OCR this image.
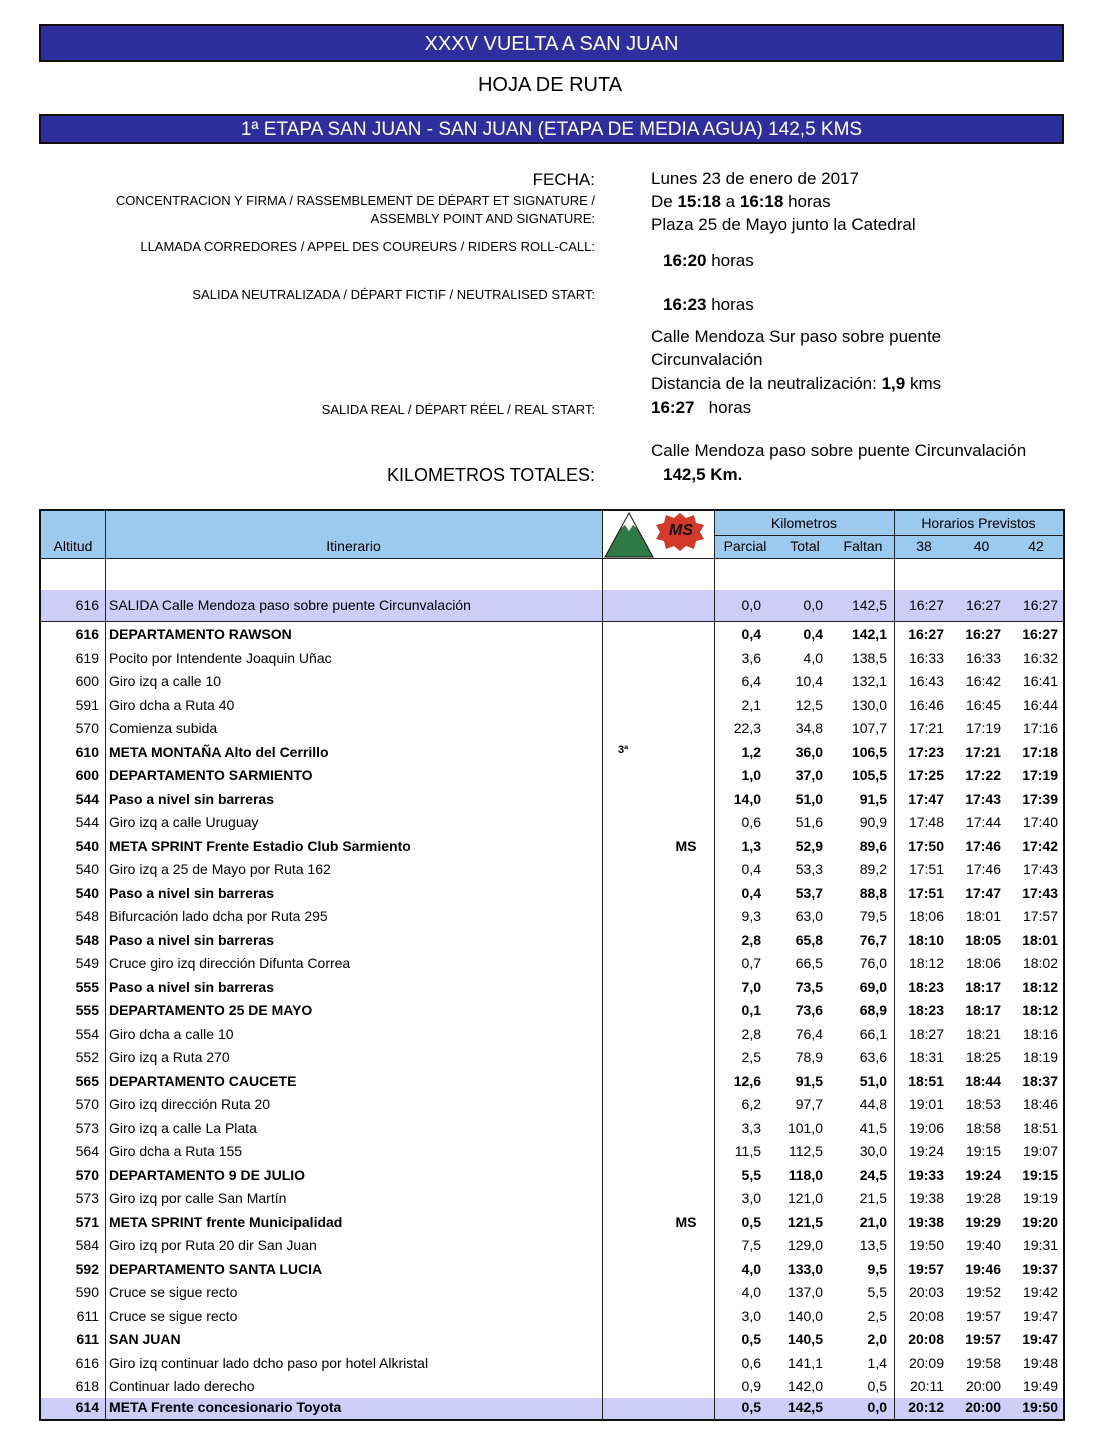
XXXV VUELTA A SAN JUAN
HOJA DE RUTA
1ª ETAPA SAN JUAN - SAN JUAN (ETAPA DE MEDIA AGUA) 142,5 KMS
FECHA:	Lunes 23 de enero de 2017
CONCENTRACION Y FIRMA / RASSEMBLEMENT DE DÉPART ET SIGNATURE /
ASSEMBLY POINT AND SIGNATURE:
De 15:18 a 16:18 horas
Plaza 25 de Mayo junto la Catedral
LLAMADA CORREDORES / APPEL DES COUREURS / RIDERS ROLL-CALL:
16:20 horas
SALIDA NEUTRALIZADA / DÉPART FICTIF / NEUTRALISED START:
16:23 horas
Calle Mendoza Sur paso sobre puente
Circunvalación
Distancia de la neutralización: 1,9 kms
SALIDA REAL / DÉPART RÉEL / REAL START:	16:27 horas
Calle Mendoza paso sobre puente Circunvalación
KILOMETROS TOTALES:	142,5 Km.
MS
Altitud	Itinerario
Kilometros
Parcial	Total	Faltan
Horarios Previstos
38	40	42
616 SALIDA Calle Mendoza paso sobre puente Circunvalación	0,0	0,0	142,5	16:27	16:27	16:27
616 DEPARTAMENTO RAWSON	0,4	0,4	142,1	16:27	16:27	16:27
619 Pocito por Intendente Joaquin Uñac	3,6	4,0	138,5	16:33	16:33	16:32
600 Giro izq a calle 10	6,4	10,4	132,1	16:43	16:42	16:41
591 Giro dcha a Ruta 40	2,1	12,5	130,0	16:46	16:45	16:44
570 Comienza subida	22,3	34,8	107,7	17:21	17:19	17:16
610 META MONTAÑA Alto del Cerrillo	3ª	1,2	36,0	106,5	17:23	17:21	17:18
600 DEPARTAMENTO SARMIENTO	1,0	37,0	105,5	17:25	17:22	17:19
544 Paso a nivel sin barreras	14,0	51,0	91,5	17:47	17:43	17:39
544 Giro izq a calle Uruguay	0,6	51,6	90,9	17:48	17:44	17:40
540 META SPRINT Frente Estadio Club Sarmiento	MS	1,3	52,9	89,6	17:50	17:46	17:42
540 Giro izq a 25 de Mayo por Ruta 162	0,4	53,3	89,2	17:51	17:46	17:43
540 Paso a nivel sin barreras	0,4	53,7	88,8	17:51	17:47	17:43
548 Bifurcación lado dcha por Ruta 295	9,3	63,0	79,5	18:06	18:01	17:57
548 Paso a nivel sin barreras	2,8	65,8	76,7	18:10	18:05	18:01
549 Cruce giro izq dirección Difunta Correa	0,7	66,5	76,0	18:12	18:06	18:02
555 Paso a nivel sin barreras	7,0	73,5	69,0	18:23	18:17	18:12
555 DEPARTAMENTO 25 DE MAYO	0,1	73,6	68,9	18:23	18:17	18:12
554 Giro dcha a calle 10	2,8	76,4	66,1	18:27	18:21	18:16
552 Giro izq a Ruta 270	2,5	78,9	63,6	18:31	18:25	18:19
565 DEPARTAMENTO CAUCETE	12,6	91,5	51,0	18:51	18:44	18:37
570 Giro izq dirección Ruta 20	6,2	97,7	44,8	19:01	18:53	18:46
573 Giro izq a calle La Plata	3,3	101,0	41,5	19:06	18:58	18:51
564 Giro dcha a Ruta 155	11,5	112,5	30,0	19:24	19:15	19:07
570 DEPARTAMENTO 9 DE JULIO	5,5	118,0	24,5	19:33	19:24	19:15
573 Giro izq por calle San Martín	3,0	121,0	21,5	19:38	19:28	19:19
571 META SPRINT frente Municipalidad	MS	0,5	121,5	21,0	19:38	19:29	19:20
584 Giro izq por Ruta 20 dir San Juan	7,5	129,0	13,5	19:50	19:40	19:31
592 DEPARTAMENTO SANTA LUCIA	4,0	133,0	9,5	19:57	19:46	19:37
590 Cruce se sigue recto	4,0	137,0	5,5	20:03	19:52	19:42
611 Cruce se sigue recto	3,0	140,0	2,5	20:08	19:57	19:47
611 SAN JUAN	0,5	140,5	2,0	20:08	19:57	19:47
616 Giro izq continuar lado dcho paso por hotel Alkristal	0,6	141,1	1,4	20:09	19:58	19:48
618 Continuar lado derecho	0,9	142,0	0,5	20:11	20:00	19:49
614 META Frente concesionario Toyota	0,5	142,5	0,0	20:12	20:00	19:50
